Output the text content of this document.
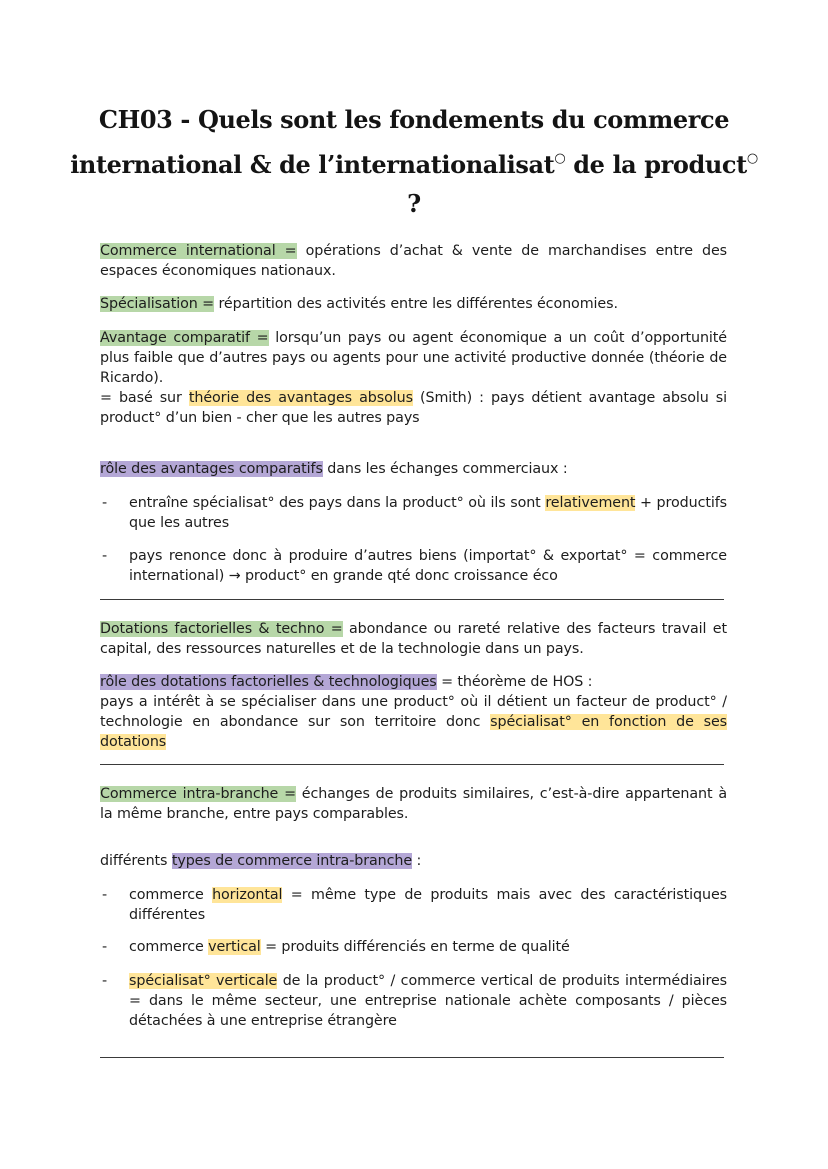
CH03 - Quels sont les fondements du commerce
international & de l’internationalisat○ de la product○ ?
Commerce international = opérations d’achat & vente de marchandises entre des espaces économiques nationaux.
Spécialisation = répartition des activités entre les différentes économies.
Avantage comparatif = lorsqu’un pays ou agent économique a un coût d’opportunité plus faible que d’autres pays ou agents pour une activité productive donnée (théorie de Ricardo).
= basé sur théorie des avantages absolus (Smith) : pays détient avantage absolu si product° d’un bien - cher que les autres pays
rôle des avantages comparatifs dans les échanges commerciaux :
- entraîne spécialisat° des pays dans la product° où ils sont relativement + productifs que les autres
- pays renonce donc à produire d’autres biens (importat° & exportat° = commerce international) → product° en grande qté donc croissance éco
Dotations factorielles & techno = abondance ou rareté relative des facteurs travail et capital, des ressources naturelles et de la technologie dans un pays.
rôle des dotations factorielles & technologiques = théorème de HOS :
pays a intérêt à se spécialiser dans une product° où il détient un facteur de product° / technologie en abondance sur son territoire donc spécialisat° en fonction de ses dotations
Commerce intra-branche = échanges de produits similaires, c’est-à-dire appartenant à la même branche, entre pays comparables.
différents types de commerce intra-branche :
- commerce horizontal = même type de produits mais avec des caractéristiques différentes
- commerce vertical = produits différenciés en terme de qualité
- spécialisat° verticale de la product° / commerce vertical de produits intermédiaires = dans le même secteur, une entreprise nationale achète composants / pièces détachées à une entreprise étrangère
